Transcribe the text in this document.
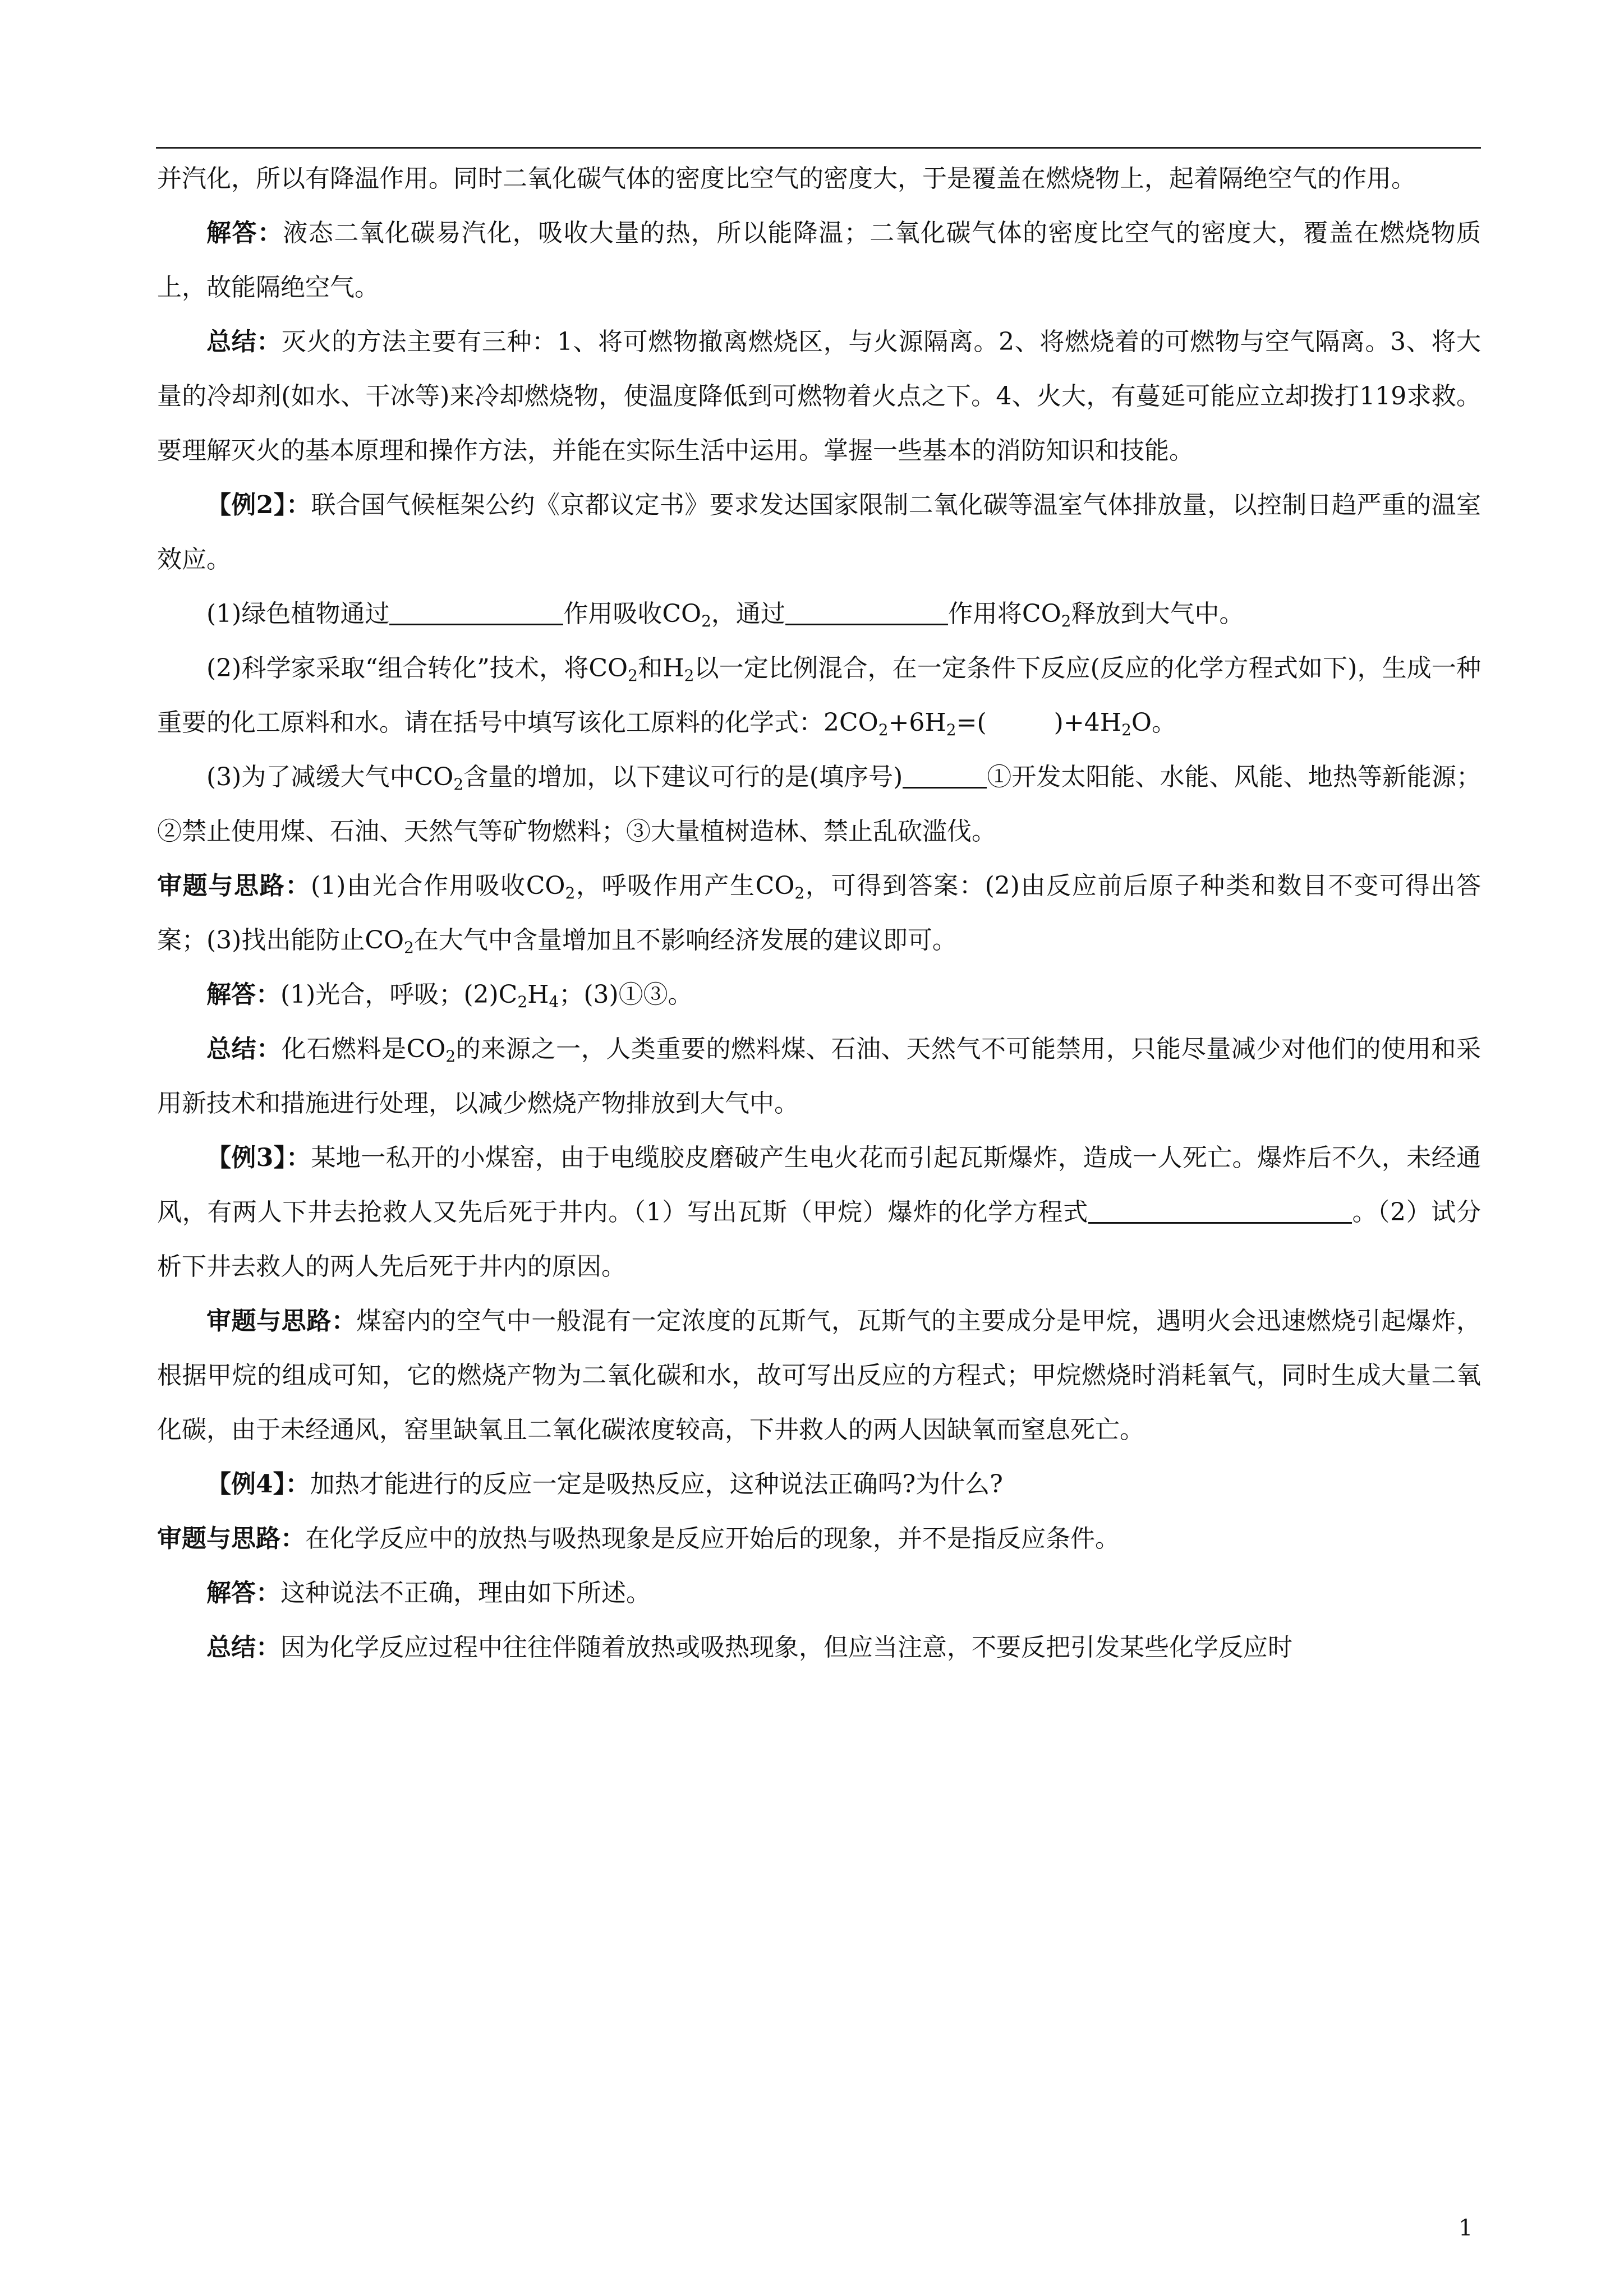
并汽化，所以有降温作用。同时二氧化碳气体的密度比空气的密度大，于是覆盖在燃烧物上，起着隔绝空气的作用。

解答：液态二氧化碳易汽化，吸收大量的热，所以能降温；二氧化碳气体的密度比空气的密度大，覆盖在燃烧物质上，故能隔绝空气。

总结：灭火的方法主要有三种：1、将可燃物撤离燃烧区，与火源隔离。2、将燃烧着的可燃物与空气隔离。3、将大量的冷却剂(如水、干冰等)来冷却燃烧物，使温度降低到可燃物着火点之下。4、火大，有蔓延可能应立却拨打119求救。要理解灭火的基本原理和操作方法，并能在实际生活中运用。掌握一些基本的消防知识和技能。

【例2】：联合国气候框架公约《京都议定书》要求发达国家限制二氧化碳等温室气体排放量，以控制日趋严重的温室效应。

(1)绿色植物通过	作用吸收$CO_2$，通过	作用将$CO_2$释放到大气中。

(2)科学家采取“组合转化”技术，将$CO_2$和$H_2$以一定比例混合，在一定条件下反应(反应的化学方程式如下)，生成一种重要的化工原料和水。请在括号中填写该化工原料的化学式：$2CO_2+6H_2=$(	)$+4H_2O$。

(3)为了减缓大气中$CO_2$含量的增加，以下建议可行的是(填序号)	①开发太阳能、水能、风能、地热等新能源；②禁止使用煤、石油、天然气等矿物燃料；③大量植树造林、禁止乱砍滥伐。

审题与思路：(1)由光合作用吸收$CO_2$，呼吸作用产生$CO_2$，可得到答案：(2)由反应前后原子种类和数目不变可得出答案；(3)找出能防止$CO_2$在大气中含量增加且不影响经济发展的建议即可。

解答：(1)光合，呼吸；$(2)C_2H_4$；(3)①③。

总结：化石燃料是$CO_2$的来源之一，人类重要的燃料煤、石油、天然气不可能禁用，只能尽量减少对他们的使用和采用新技术和措施进行处理，以减少燃烧产物排放到大气中。

【例3】：某地一私开的小煤窑，由于电缆胶皮磨破产生电火花而引起瓦斯爆炸，造成一人死亡。爆炸后不久，未经通风，有两人下井去抢救人又先后死于井内。（1）写出瓦斯（甲烷）爆炸的化学方程式	。（2）试分析下井去救人的两人先后死于井内的原因。

审题与思路：煤窑内的空气中一般混有一定浓度的瓦斯气，瓦斯气的主要成分是甲烷，遇明火会迅速燃烧引起爆炸，根据甲烷的组成可知，它的燃烧产物为二氧化碳和水，故可写出反应的方程式；甲烷燃烧时消耗氧气，同时生成大量二氧化碳，由于未经通风，窑里缺氧且二氧化碳浓度较高，下井救人的两人因缺氧而窒息死亡。

【例4】：加热才能进行的反应一定是吸热反应，这种说法正确吗?为什么?

审题与思路：在化学反应中的放热与吸热现象是反应开始后的现象，并不是指反应条件。

解答：这种说法不正确，理由如下所述。

总结：因为化学反应过程中往往伴随着放热或吸热现象，但应当注意，不要反把引发某些化学反应时

1
